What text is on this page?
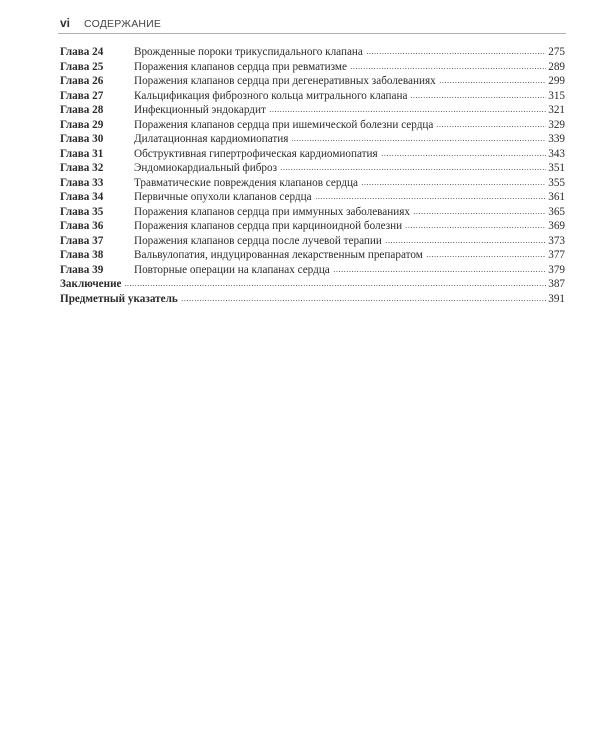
vi СОДЕРЖАНИЕ
Глава 24	Врожденные пороки трикуспидального клапана	275
Глава 25	Поражения клапанов сердца при ревматизме	289
Глава 26	Поражения клапанов сердца при дегенеративных заболеваниях	299
Глава 27	Кальцификация фиброзного кольца митрального клапана	315
Глава 28	Инфекционный эндокардит	321
Глава 29	Поражения клапанов сердца при ишемической болезни сердца	329
Глава 30	Дилатационная кардиомиопатия	339
Глава 31	Обструктивная гипертрофическая кардиомиопатия	343
Глава 32	Эндомиокардиальный фиброз	351
Глава 33	Травматические повреждения клапанов сердца	355
Глава 34	Первичные опухоли клапанов сердца	361
Глава 35	Поражения клапанов сердца при иммунных заболеваниях	365
Глава 36	Поражения клапанов сердца при карциноидной болезни	369
Глава 37	Поражения клапанов сердца после лучевой терапии	373
Глава 38	Вальвулопатия, индуцированная лекарственным препаратом	377
Глава 39	Повторные операции на клапанах сердца	379
Заключение	387
Предметный указатель	391
